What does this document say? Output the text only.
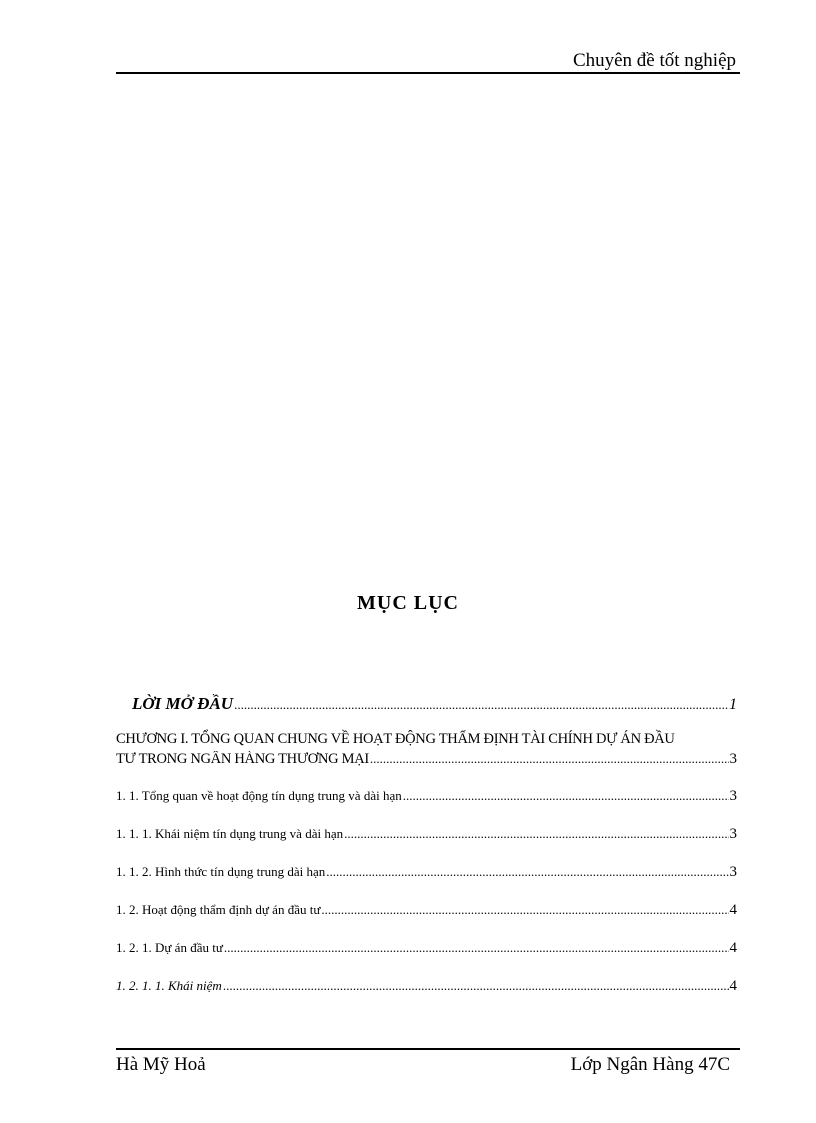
Chuyên đề tốt nghiệp
MỤC LỤC
LỜI MỞ ĐẦU .....	1
CHƯƠNG I. TỔNG QUAN CHUNG VỀ HOẠT ĐỘNG THẨM ĐỊNH TÀI CHÍNH DỰ ÁN ĐẦU
TƯ TRONG NGÂN HÀNG THƯƠNG MẠI .....	3
1. 1. Tổng quan về hoạt động tín dụng trung và dài hạn .....	3
1. 1. 1. Khái niệm tín dụng trung và dài hạn .....	3
1. 1. 2. Hình thức tín dụng trung dài hạn .....	3
1. 2. Hoạt động thẩm định dự án đầu tư .....	4
1. 2. 1. Dự án đầu tư .....	4
1. 2. 1. 1. Khái niệm .....	4
Hà Mỹ Hoả	Lớp Ngân Hàng 47C
